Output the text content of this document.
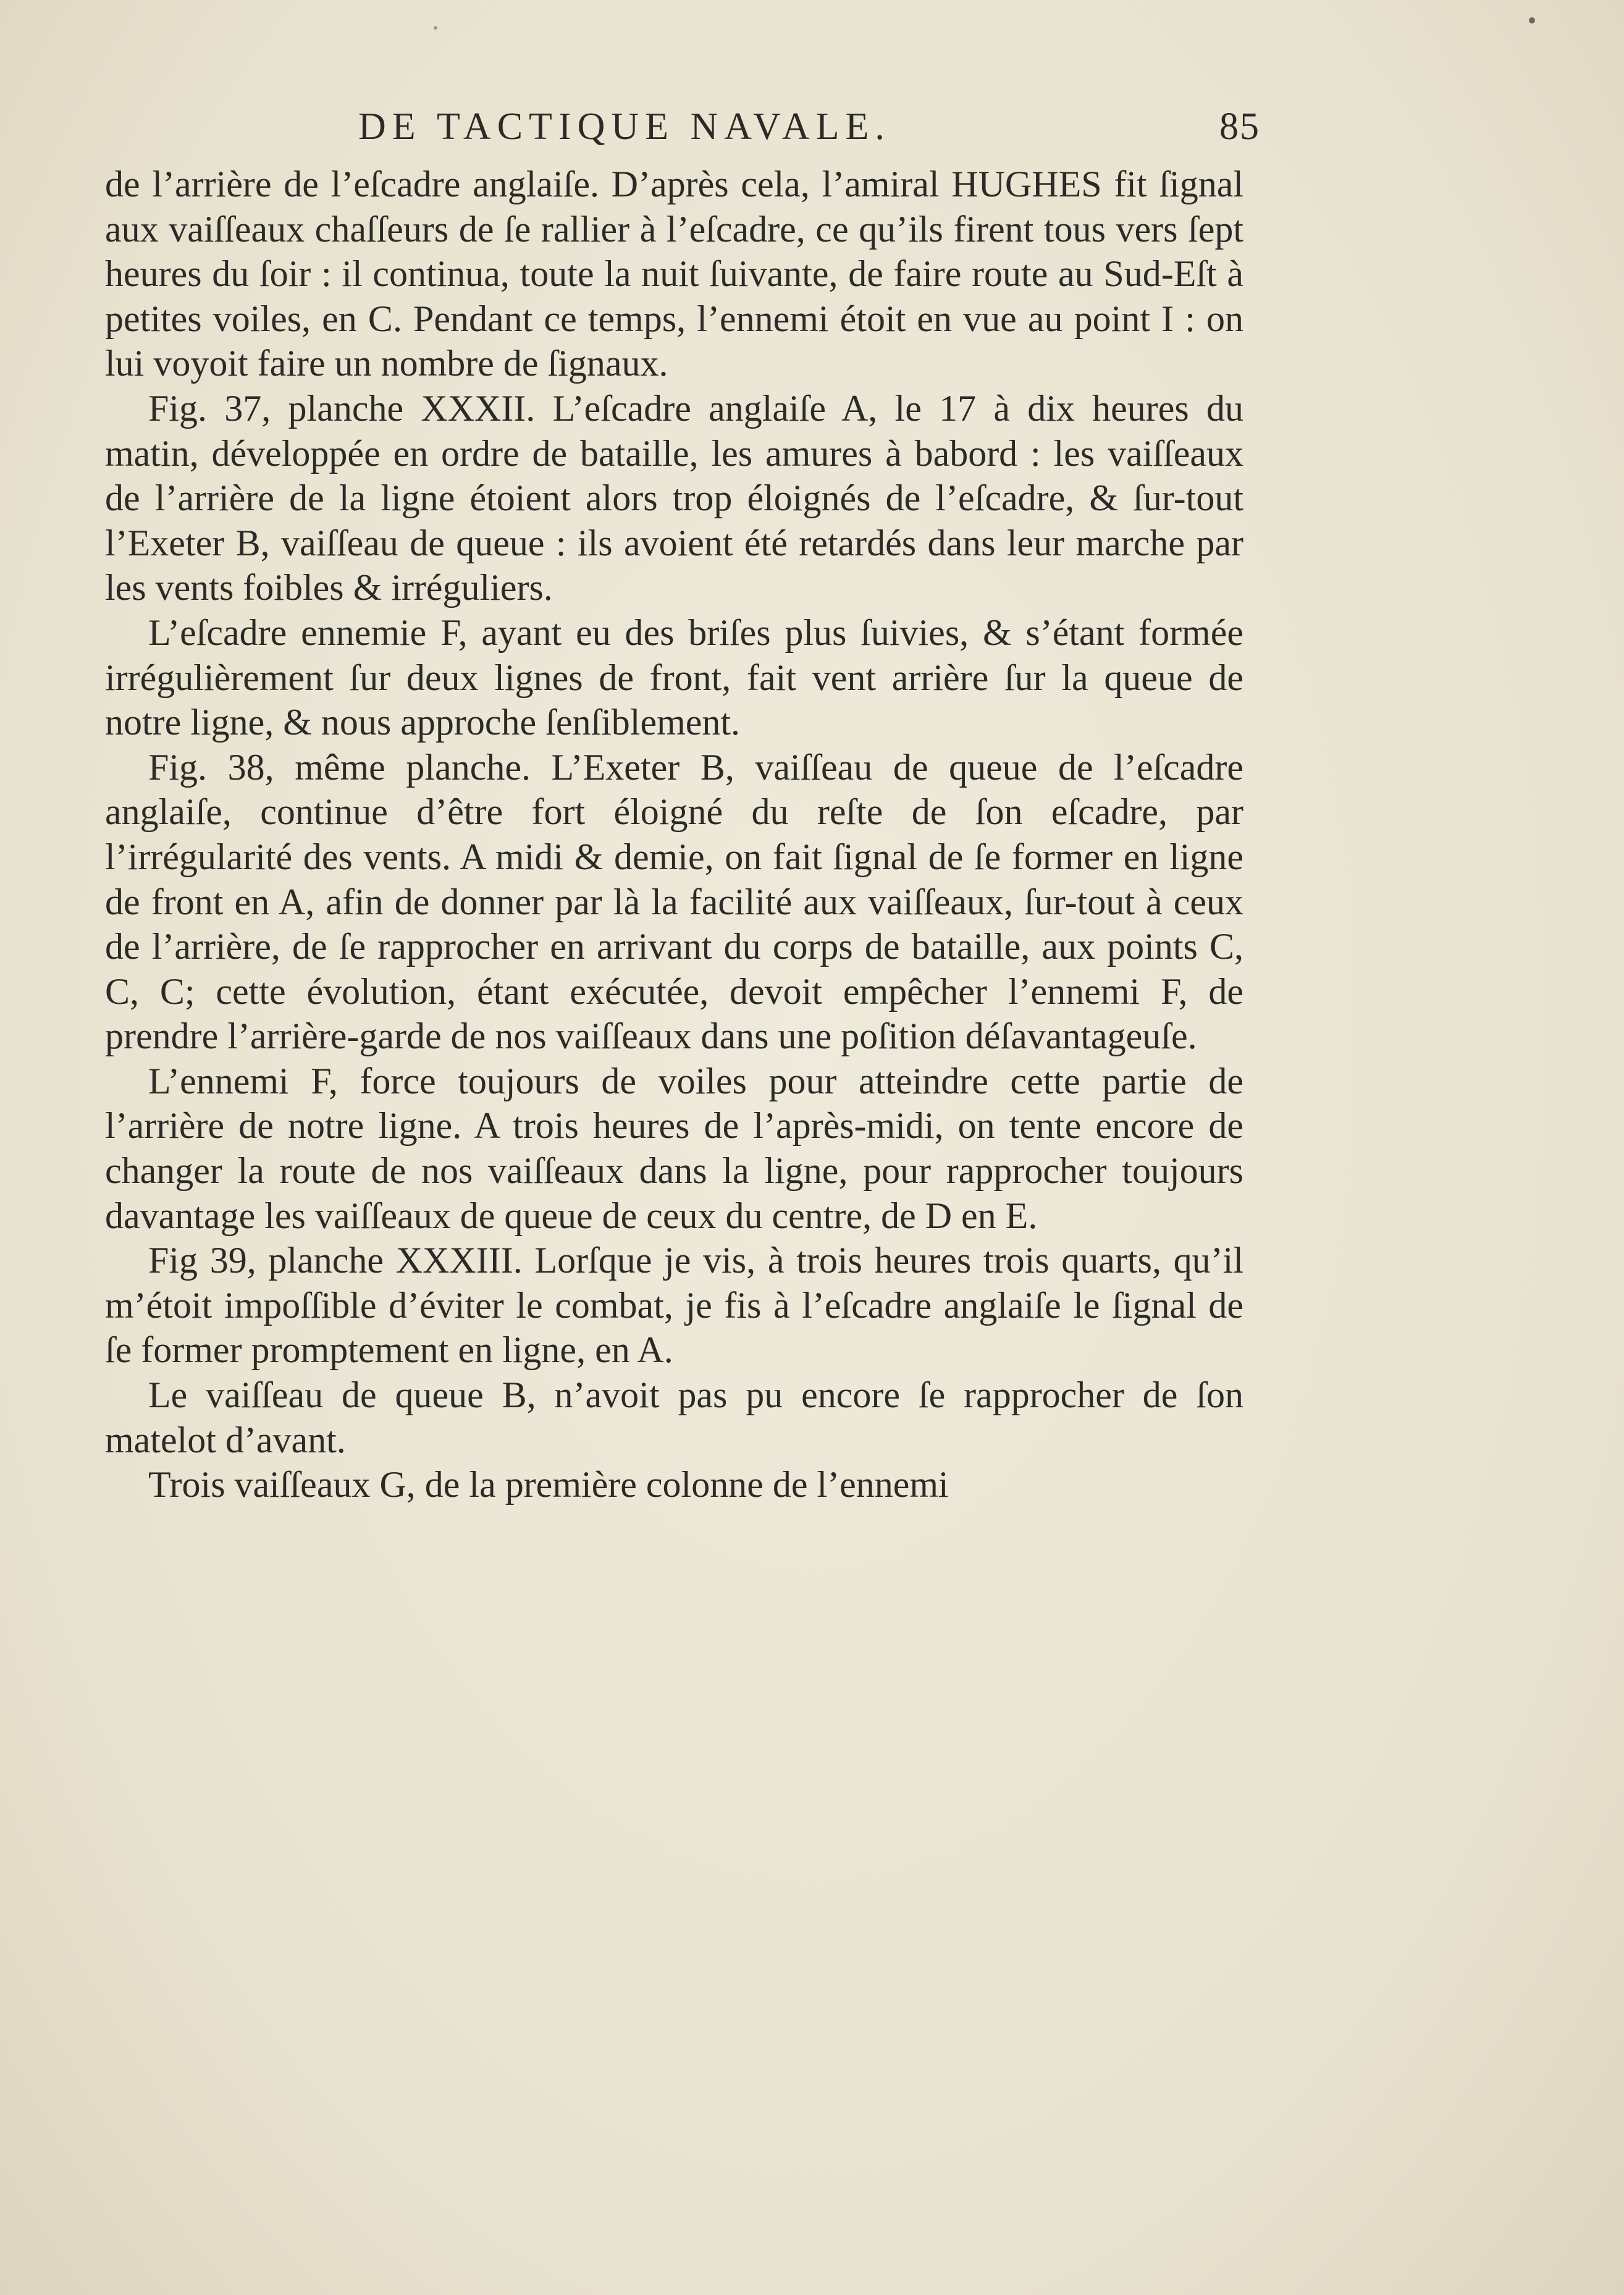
DE TACTIQUE NAVALE.	85

de l’arrière de l’eſcadre anglaiſe. D’après cela, l’amiral HUGHES fit ſignal aux vaiſſeaux chaſſeurs de ſe rallier à l’eſcadre, ce qu’ils firent tous vers ſept heures du ſoir : il continua, toute la nuit ſuivante, de faire route au Sud-Eſt à petites voiles, en C. Pendant ce temps, l’ennemi étoit en vue au point I : on lui voyoit faire un nombre de ſignaux.

Fig. 37, planche XXXII. L’eſcadre anglaiſe A, le 17 à dix heures du matin, développée en ordre de bataille, les amures à babord : les vaiſſeaux de l’arrière de la ligne étoient alors trop éloignés de l’eſcadre, & ſur-tout l’Exeter B, vaiſſeau de queue : ils avoient été retardés dans leur marche par les vents foibles & irréguliers.

L’eſcadre ennemie F, ayant eu des briſes plus ſuivies, & s’étant formée irrégulièrement ſur deux lignes de front, fait vent arrière ſur la queue de notre ligne, & nous approche ſenſiblement.

Fig. 38, même planche. L’Exeter B, vaiſſeau de queue de l’eſcadre anglaiſe, continue d’être fort éloigné du reſte de ſon eſcadre, par l’irrégularité des vents. A midi & demie, on fait ſignal de ſe former en ligne de front en A, afin de donner par là la facilité aux vaiſſeaux, ſur-tout à ceux de l’arrière, de ſe rapprocher en arrivant du corps de bataille, aux points C, C, C; cette évolution, étant exécutée, devoit empêcher l’ennemi F, de prendre l’arrière-garde de nos vaiſſeaux dans une poſition déſavantageuſe.

L’ennemi F, force toujours de voiles pour atteindre cette partie de l’arrière de notre ligne. A trois heures de l’après-midi, on tente encore de changer la route de nos vaiſſeaux dans la ligne, pour rapprocher toujours davantage les vaiſſeaux de queue de ceux du centre, de D en E.

Fig 39, planche XXXIII. Lorſque je vis, à trois heures trois quarts, qu’il m’étoit impoſſible d’éviter le combat, je fis à l’eſcadre anglaiſe le ſignal de ſe former promptement en ligne, en A.

Le vaiſſeau de queue B, n’avoit pas pu encore ſe rapprocher de ſon matelot d’avant.

Trois vaiſſeaux G, de la première colonne de l’ennemi
